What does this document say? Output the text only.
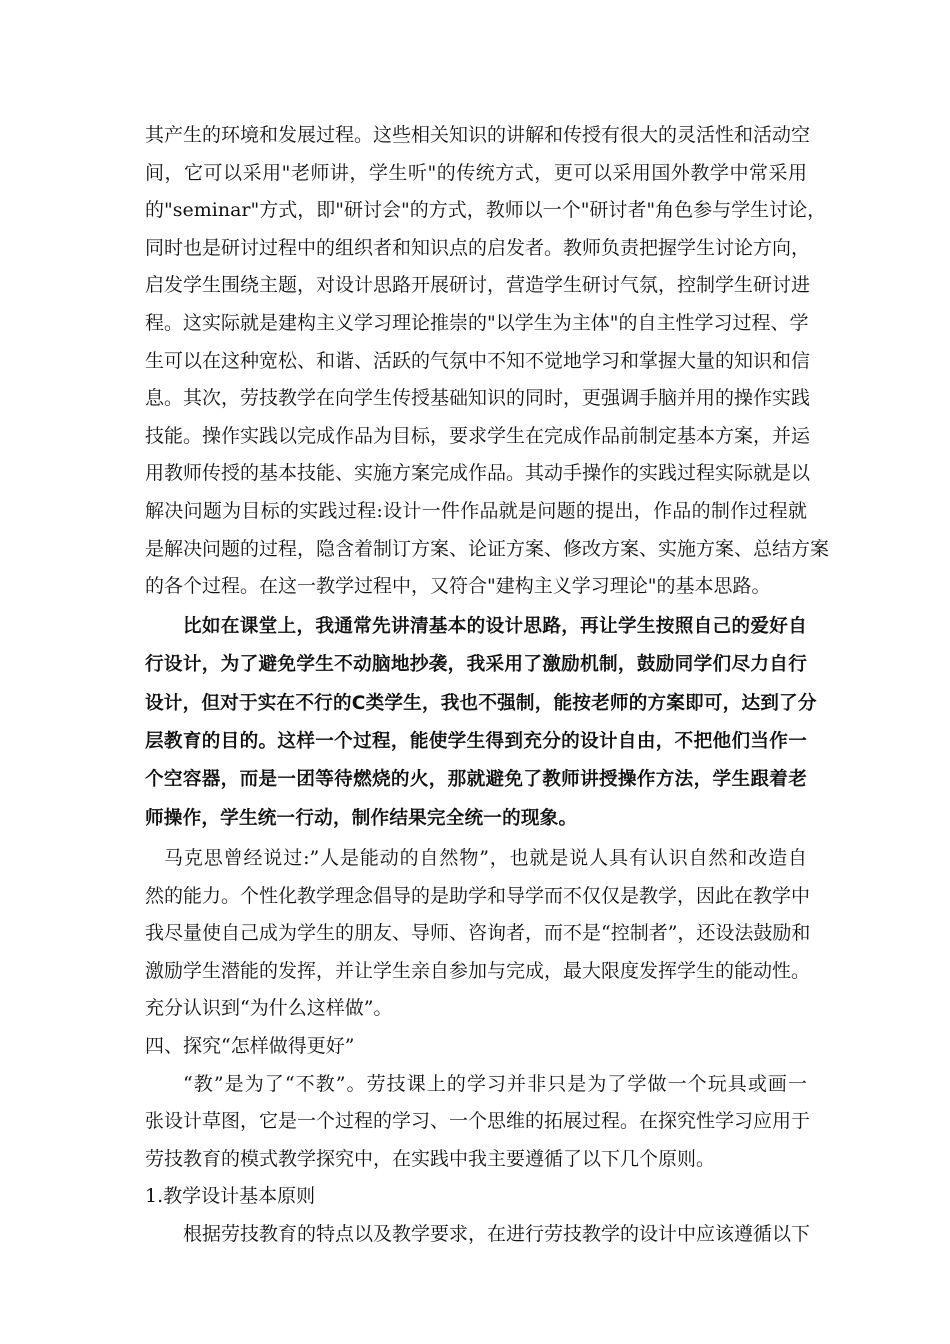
其产生的环境和发展过程。这些相关知识的讲解和传授有很大的灵活性和活动空
间，它可以采用"老师讲，学生听"的传统方式，更可以采用国外教学中常采用
的"seminar"方式，即"研讨会"的方式，教师以一个"研讨者"角色参与学生讨论，
同时也是研讨过程中的组织者和知识点的启发者。教师负责把握学生讨论方向，
启发学生围绕主题，对设计思路开展研讨，营造学生研讨气氛，控制学生研讨进
程。这实际就是建构主义学习理论推崇的"以学生为主体"的自主性学习过程、学
生可以在这种宽松、和谐、活跃的气氛中不知不觉地学习和掌握大量的知识和信
息。其次，劳技教学在向学生传授基础知识的同时，更强调手脑并用的操作实践
技能。操作实践以完成作品为目标，要求学生在完成作品前制定基本方案，并运
用教师传授的基本技能、实施方案完成作品。其动手操作的实践过程实际就是以
解决问题为目标的实践过程:设计一件作品就是问题的提出，作品的制作过程就
是解决问题的过程，隐含着制订方案、论证方案、修改方案、实施方案、总结方案
的各个过程。在这一教学过程中，又符合"建构主义学习理论"的基本思路。
比如在课堂上，我通常先讲清基本的设计思路，再让学生按照自己的爱好自
行设计，为了避免学生不动脑地抄袭，我采用了激励机制，鼓励同学们尽力自行
设计，但对于实在不行的C类学生，我也不强制，能按老师的方案即可，达到了分
层教育的目的。这样一个过程，能使学生得到充分的设计自由，不把他们当作一
个空容器，而是一团等待燃烧的火，那就避免了教师讲授操作方法，学生跟着老
师操作，学生统一行动，制作结果完全统一的现象。
马克思曾经说过:”人是能动的自然物”，也就是说人具有认识自然和改造自
然的能力。个性化教学理念倡导的是助学和导学而不仅仅是教学，因此在教学中
我尽量使自己成为学生的朋友、导师、咨询者，而不是“控制者”，还设法鼓励和
激励学生潜能的发挥，并让学生亲自参加与完成，最大限度发挥学生的能动性。
充分认识到“为什么这样做”。
四、探究“怎样做得更好”
“教”是为了“不教”。劳技课上的学习并非只是为了学做一个玩具或画一
张设计草图，它是一个过程的学习、一个思维的拓展过程。在探究性学习应用于
劳技教育的模式教学探究中，在实践中我主要遵循了以下几个原则。
1.教学设计基本原则
根据劳技教育的特点以及教学要求，在进行劳技教学的设计中应该遵循以下
